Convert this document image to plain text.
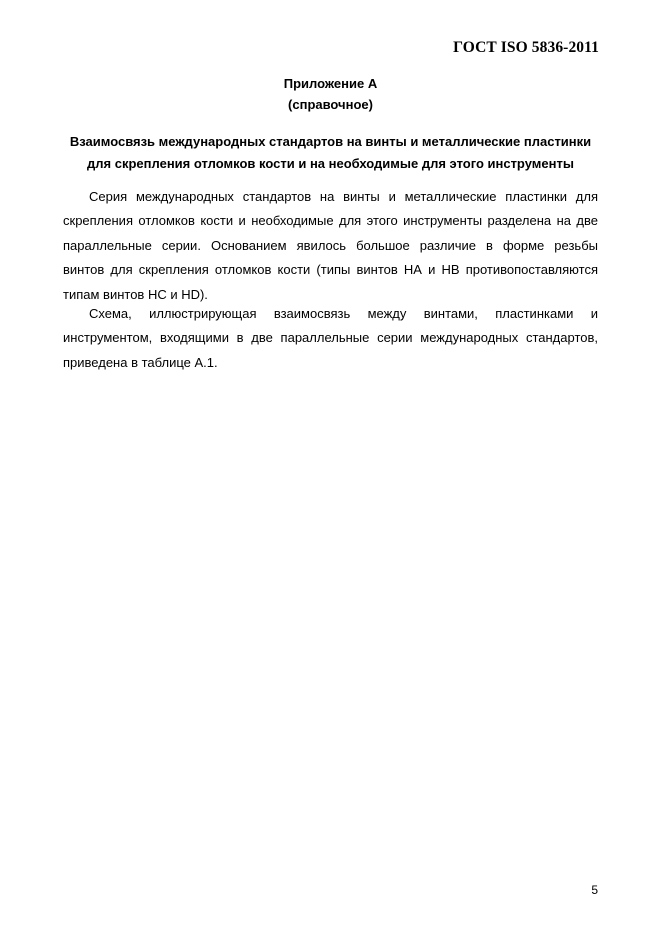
ГОСТ ISO 5836-2011
Приложение А
(справочное)
Взаимосвязь международных стандартов на винты и металлические пластинки
для скрепления отломков кости и на необходимые для этого инструменты
Серия международных стандартов на винты и металлические пластинки для
скрепления отломков кости и необходимые для этого инструменты разделена на две
параллельные серии. Основанием явилось большое различие в форме резьбы
винтов для скрепления отломков кости (типы винтов НА и НВ противопоставляются
типам винтов НС и HD).
Схема, иллюстрирующая взаимосвязь между винтами, пластинками и
инструментом, входящими в две параллельные серии международных стандартов,
приведена в таблице А.1.
5
